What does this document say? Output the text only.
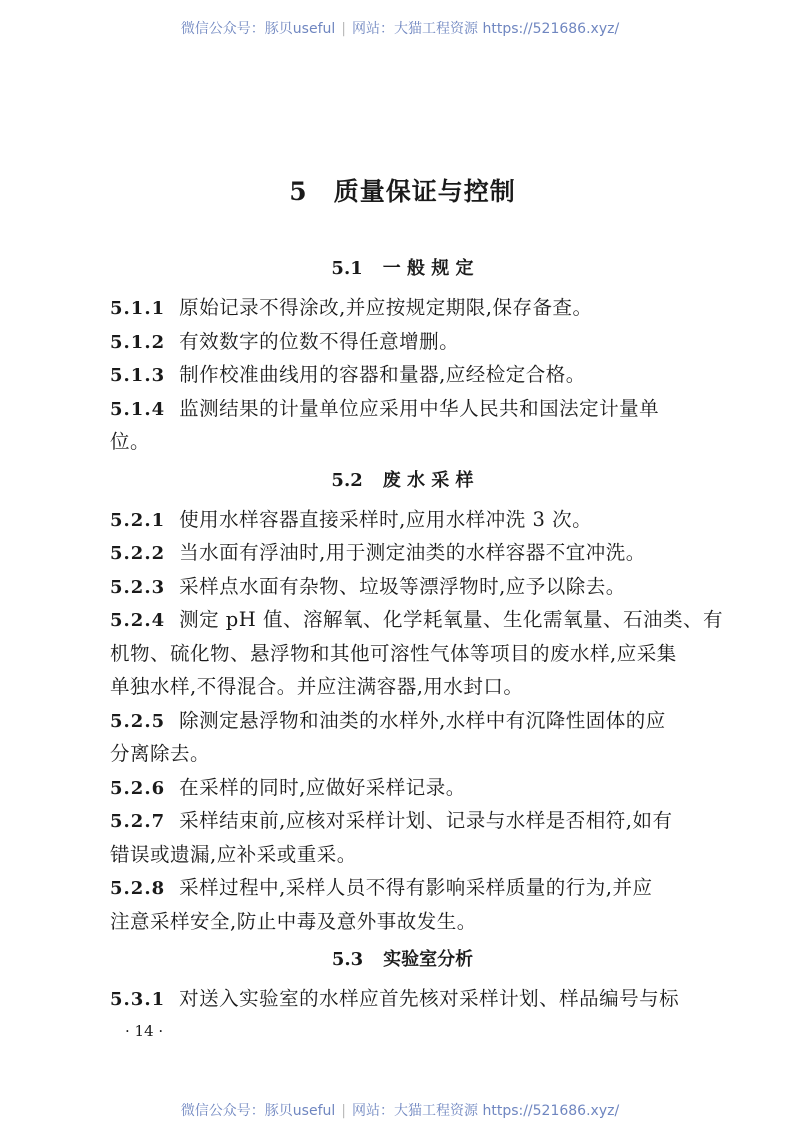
微信公众号：豚贝useful | 网站：大猫工程资源 https://521686.xyz/
5 质量保证与控制
5.1 一 般 规 定
5.1.1 原始记录不得涂改,并应按规定期限,保存备查。
5.1.2 有效数字的位数不得任意增删。
5.1.3 制作校准曲线用的容器和量器,应经检定合格。
5.1.4 监测结果的计量单位应采用中华人民共和国法定计量单
位。
5.2 废 水 采 样
5.2.1 使用水样容器直接采样时,应用水样冲洗 3 次。
5.2.2 当水面有浮油时,用于测定油类的水样容器不宜冲洗。
5.2.3 采样点水面有杂物、垃圾等漂浮物时,应予以除去。
5.2.4 测定 pH 值、溶解氧、化学耗氧量、生化需氧量、石油类、有
机物、硫化物、悬浮物和其他可溶性气体等项目的废水样,应采集
单独水样,不得混合。并应注满容器,用水封口。
5.2.5 除测定悬浮物和油类的水样外,水样中有沉降性固体的应
分离除去。
5.2.6 在采样的同时,应做好采样记录。
5.2.7 采样结束前,应核对采样计划、记录与水样是否相符,如有
错误或遗漏,应补采或重采。
5.2.8 采样过程中,采样人员不得有影响采样质量的行为,并应
注意采样安全,防止中毒及意外事故发生。
5.3 实验室分析
5.3.1 对送入实验室的水样应首先核对采样计划、样品编号与标
· 14 ·
微信公众号：豚贝useful | 网站：大猫工程资源 https://521686.xyz/
